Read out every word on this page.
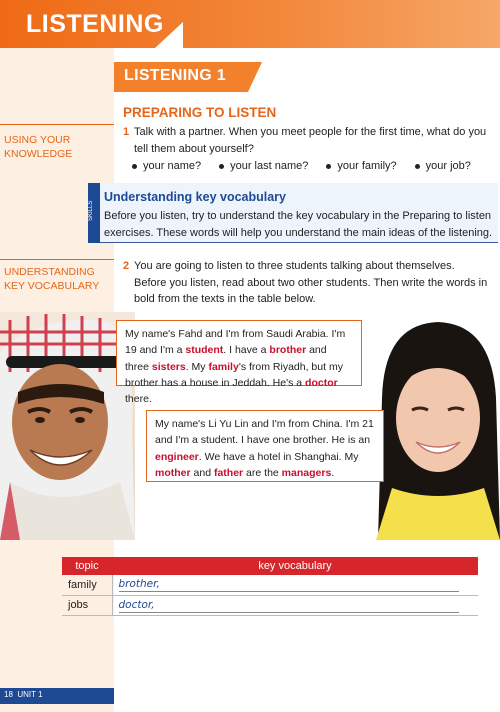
LISTENING
LISTENING 1
PREPARING TO LISTEN
USING YOUR
KNOWLEDGE
1 Talk with a partner. When you meet people for the first time, what do you tell them about yourself?
your name?	your last name?	your family?	your job?
SKILLS
Understanding key vocabulary
Before you listen, try to understand the key vocabulary in the Preparing to listen exercises. These words will help you understand the main ideas of the listening.
UNDERSTANDING
KEY VOCABULARY
2 You are going to listen to three students talking about themselves. Before you listen, read about two other students. Then write the words in bold from the texts in the table below.
My name's Fahd and I'm from Saudi Arabia. I'm 19 and I'm a student. I have a brother and three sisters. My family's from Riyadh, but my brother has a house in Jeddah. He's a doctor there.
My name's Li Yu Lin and I'm from China. I'm 21 and I'm a student. I have one brother. He is an engineer. We have a hotel in Shanghai. My mother and father are the managers.
topic	key vocabulary
family	brother,
jobs	doctor,
18 UNIT 1
